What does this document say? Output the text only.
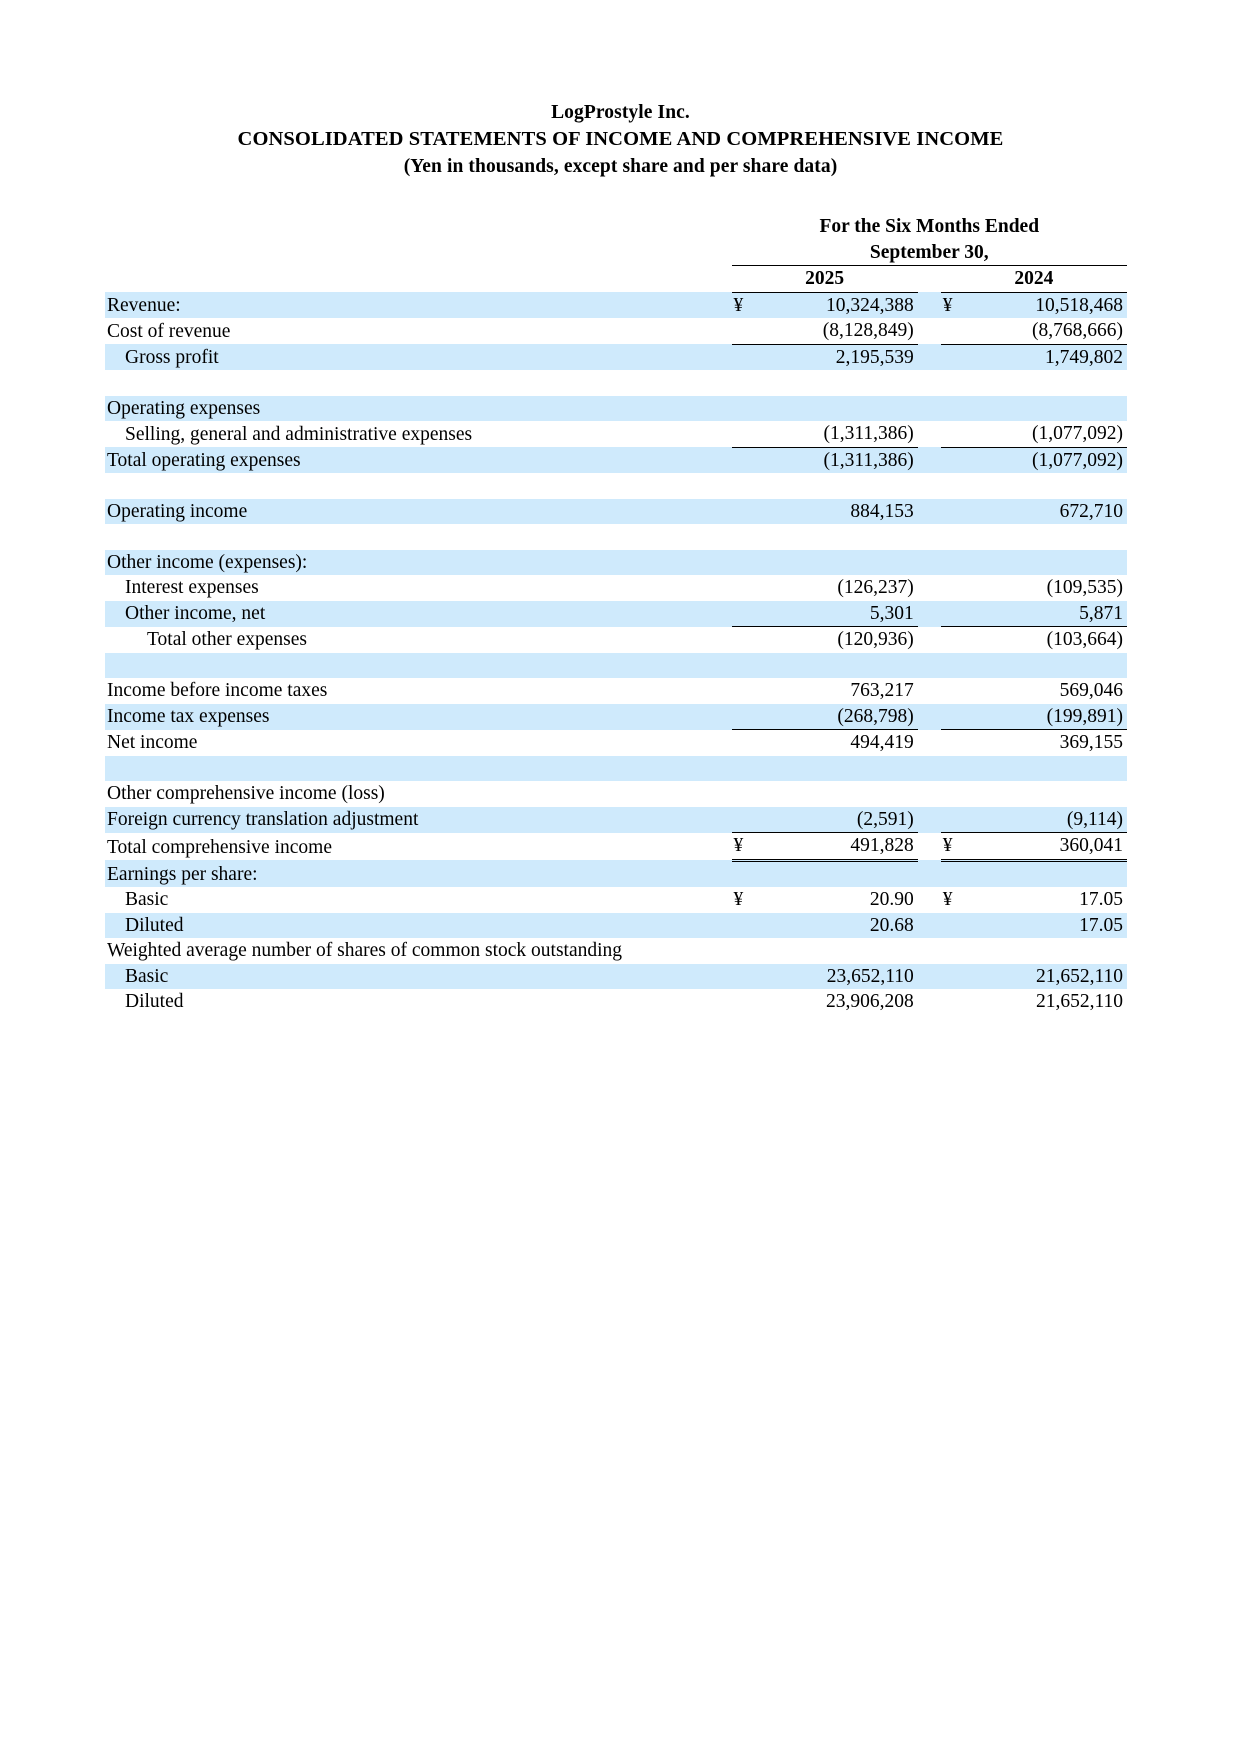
LogProstyle Inc.
CONSOLIDATED STATEMENTS OF INCOME AND COMPREHENSIVE INCOME
(Yen in thousands, except share and per share data)
		For the Six Months Ended				
		September 30,				
		2025			2024	
Revenue:		¥	10,324,388		¥	10,518,468
Cost of revenue			(8,128,849)			(8,768,666)
Gross profit			2,195,539			1,749,802

Operating expenses						
Selling, general and administrative expenses			(1,311,386)			(1,077,092)
Total operating expenses			(1,311,386)			(1,077,092)

Operating income			884,153			672,710

Other income (expenses):						
Interest expenses			(126,237)			(109,535)
Other income, net			5,301			5,871
Total other expenses			(120,936)			(103,664)

Income before income taxes			763,217			569,046
Income tax expenses			(268,798)			(199,891)
Net income			494,419			369,155

Other comprehensive income (loss)						
Foreign currency translation adjustment			(2,591)			(9,114)
Total comprehensive income		¥	491,828		¥	360,041
Earnings per share:						
Basic		¥	20.90		¥	17.05
Diluted			20.68			17.05
Weighted average number of shares of common stock outstanding						
Basic			23,652,110			21,652,110
Diluted			23,906,208			21,652,110
